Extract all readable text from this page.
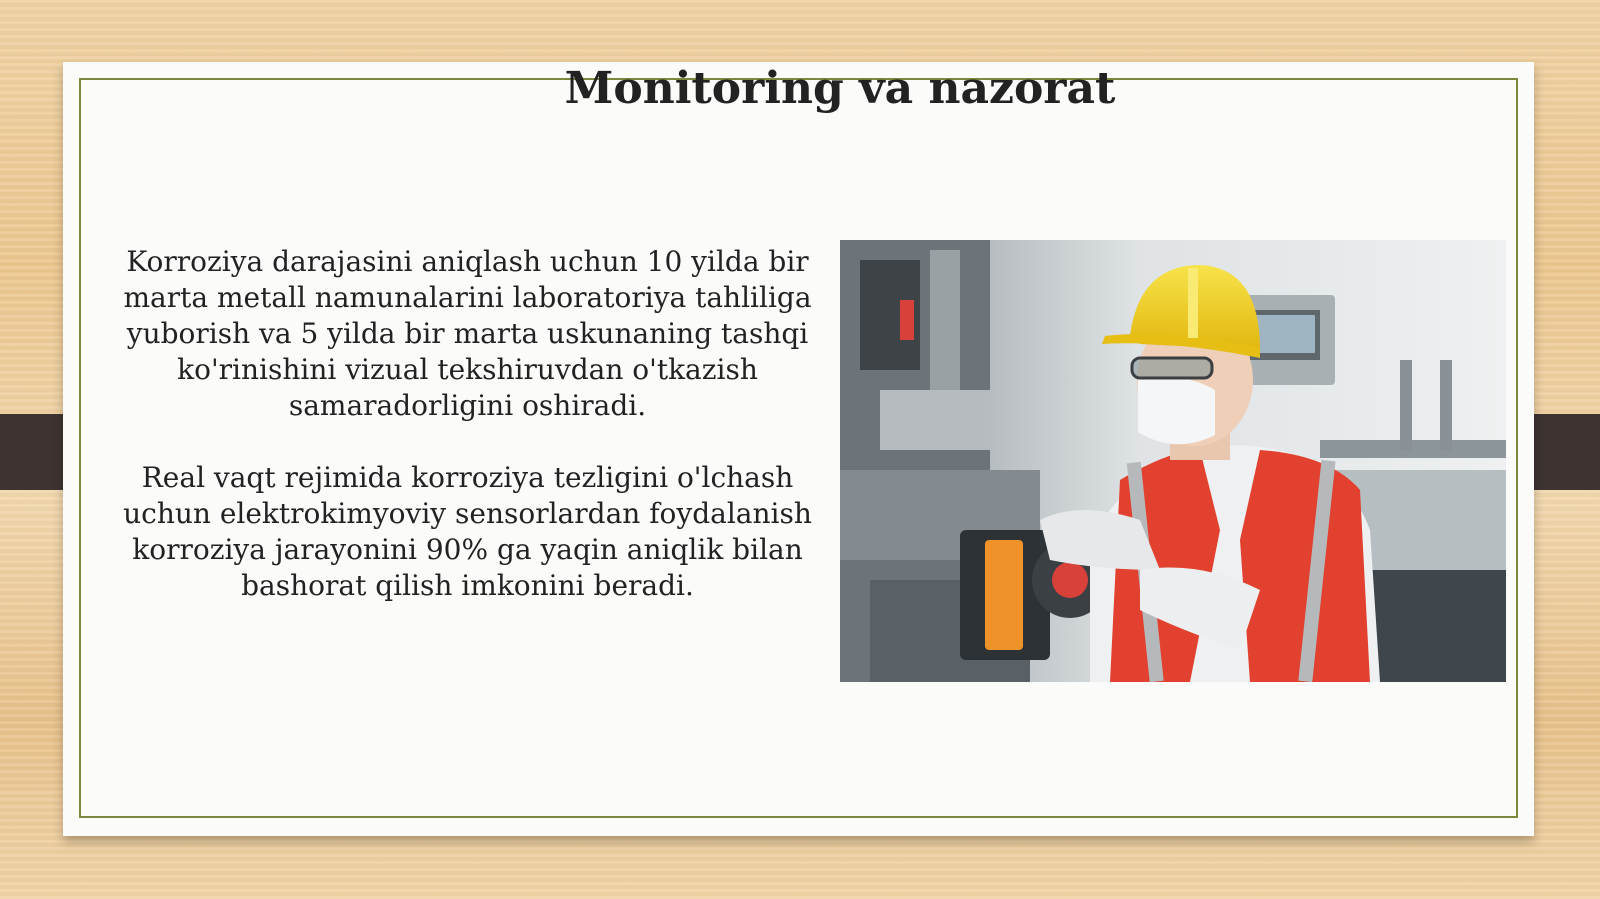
Monitoring va nazorat

Korroziya darajasini aniqlash uchun 10 yilda bir
marta metall namunalarini laboratoriya tahliliga
yuborish va 5 yilda bir marta uskunaning tashqi
ko'rinishini vizual tekshiruvdan o'tkazish
samaradorligini oshiradi.

Real vaqt rejimida korroziya tezligini o'lchash
uchun elektrokimyoviy sensorlardan foydalanish
korroziya jarayonini 90% ga yaqin aniqlik bilan
bashorat qilish imkonini beradi.
